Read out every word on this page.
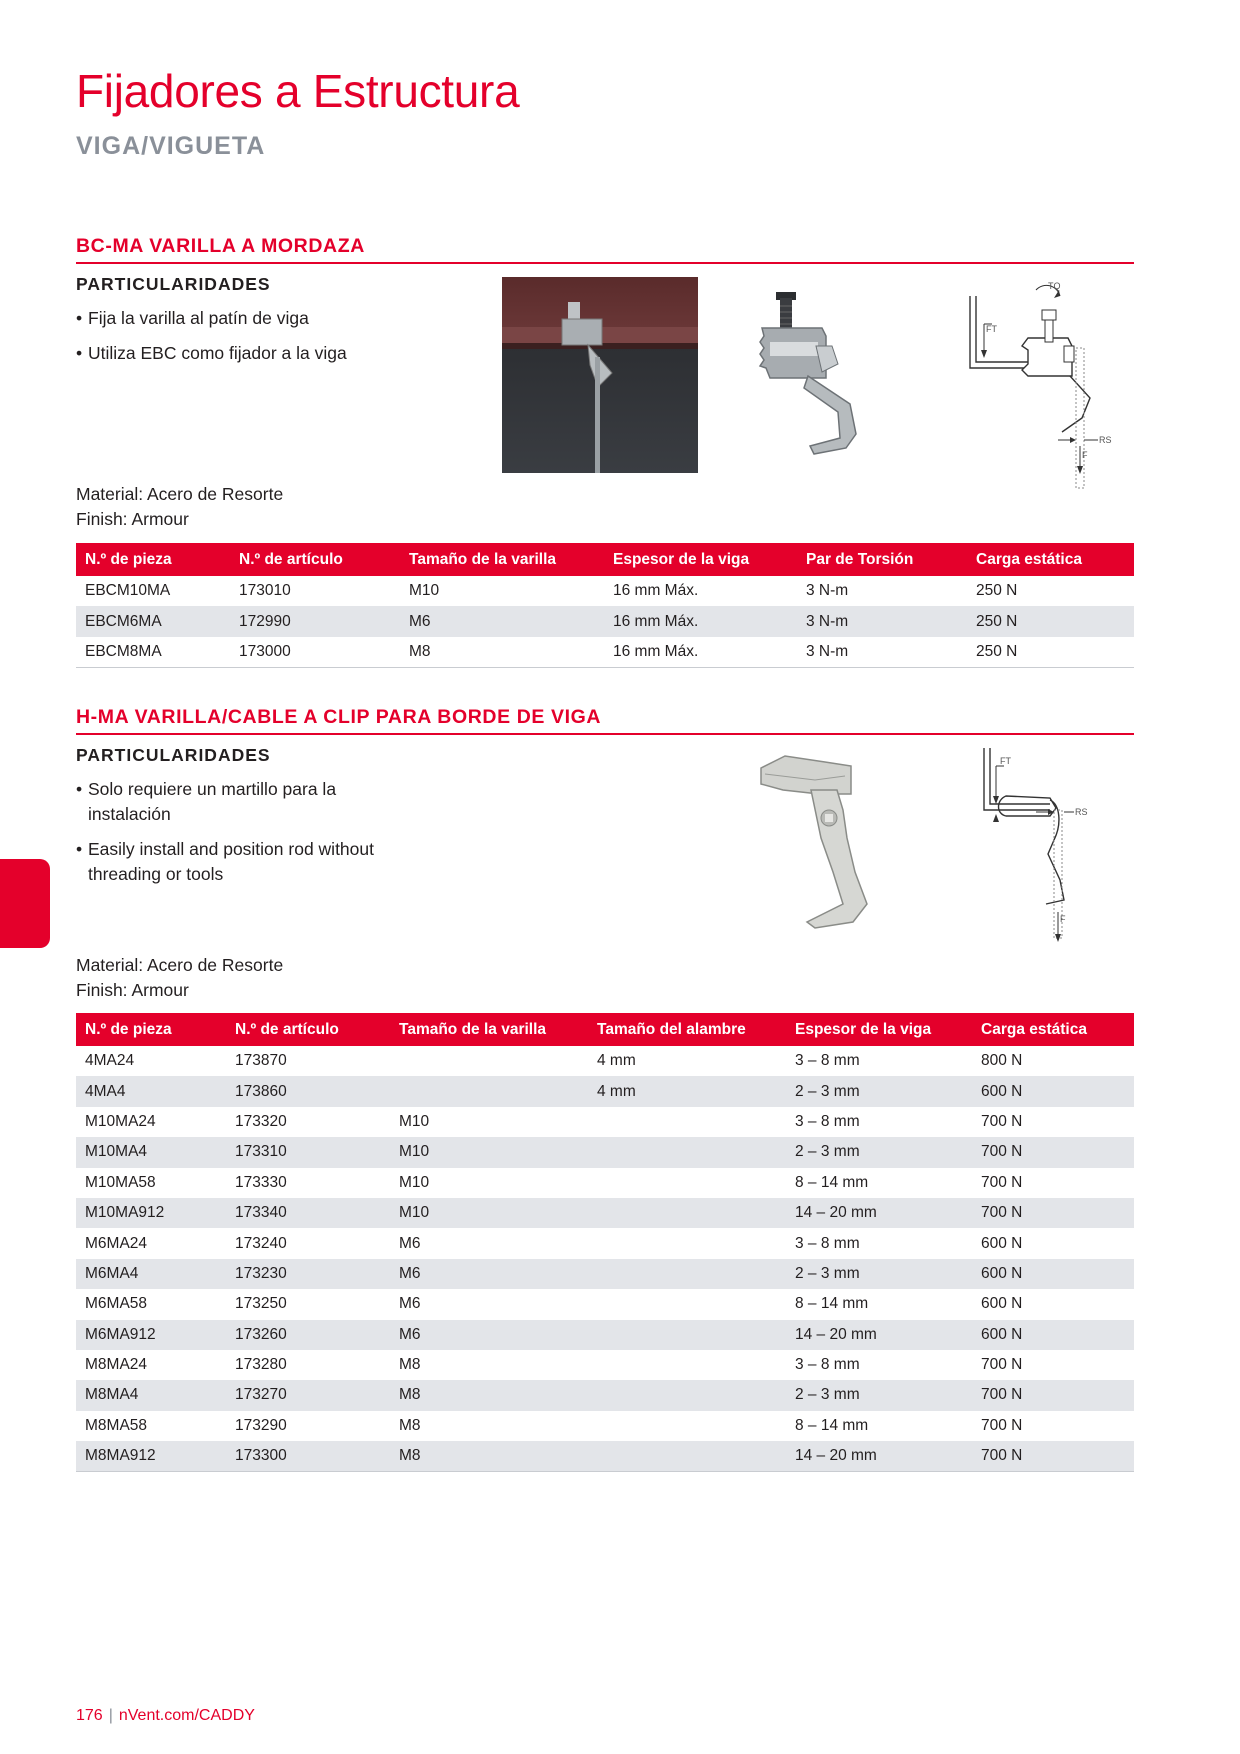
Fijadores a Estructura
VIGA/VIGUETA
BC-MA VARILLA A MORDAZA
PARTICULARIDADES
• Fija la varilla al patín de viga
• Utiliza EBC como fijador a la viga
TQ
FT
RS
F
Material: Acero de Resorte
Finish: Armour
N.º de pieza	N.º de artículo	Tamaño de la varilla	Espesor de la viga	Par de Torsión	Carga estática
EBCM10MA	173010	M10	16 mm Máx.	3 N-m	250 N
EBCM6MA	172990	M6	16 mm Máx.	3 N-m	250 N
EBCM8MA	173000	M8	16 mm Máx.	3 N-m	250 N
H-MA VARILLA/CABLE A CLIP PARA BORDE DE VIGA
PARTICULARIDADES
• Solo requiere un martillo para la instalación
• Easily install and position rod without threading or tools
FT
RS
F
Material: Acero de Resorte
Finish: Armour
N.º de pieza	N.º de artículo	Tamaño de la varilla	Tamaño del alambre	Espesor de la viga	Carga estática
4MA24	173870		4 mm	3 – 8 mm	800 N
4MA4	173860		4 mm	2 – 3 mm	600 N
M10MA24	173320	M10		3 – 8 mm	700 N
M10MA4	173310	M10		2 – 3 mm	700 N
M10MA58	173330	M10		8 – 14 mm	700 N
M10MA912	173340	M10		14 – 20 mm	700 N
M6MA24	173240	M6		3 – 8 mm	600 N
M6MA4	173230	M6		2 – 3 mm	600 N
M6MA58	173250	M6		8 – 14 mm	600 N
M6MA912	173260	M6		14 – 20 mm	600 N
M8MA24	173280	M8		3 – 8 mm	700 N
M8MA4	173270	M8		2 – 3 mm	700 N
M8MA58	173290	M8		8 – 14 mm	700 N
M8MA912	173300	M8		14 – 20 mm	700 N
176 | nVent.com/CADDY
